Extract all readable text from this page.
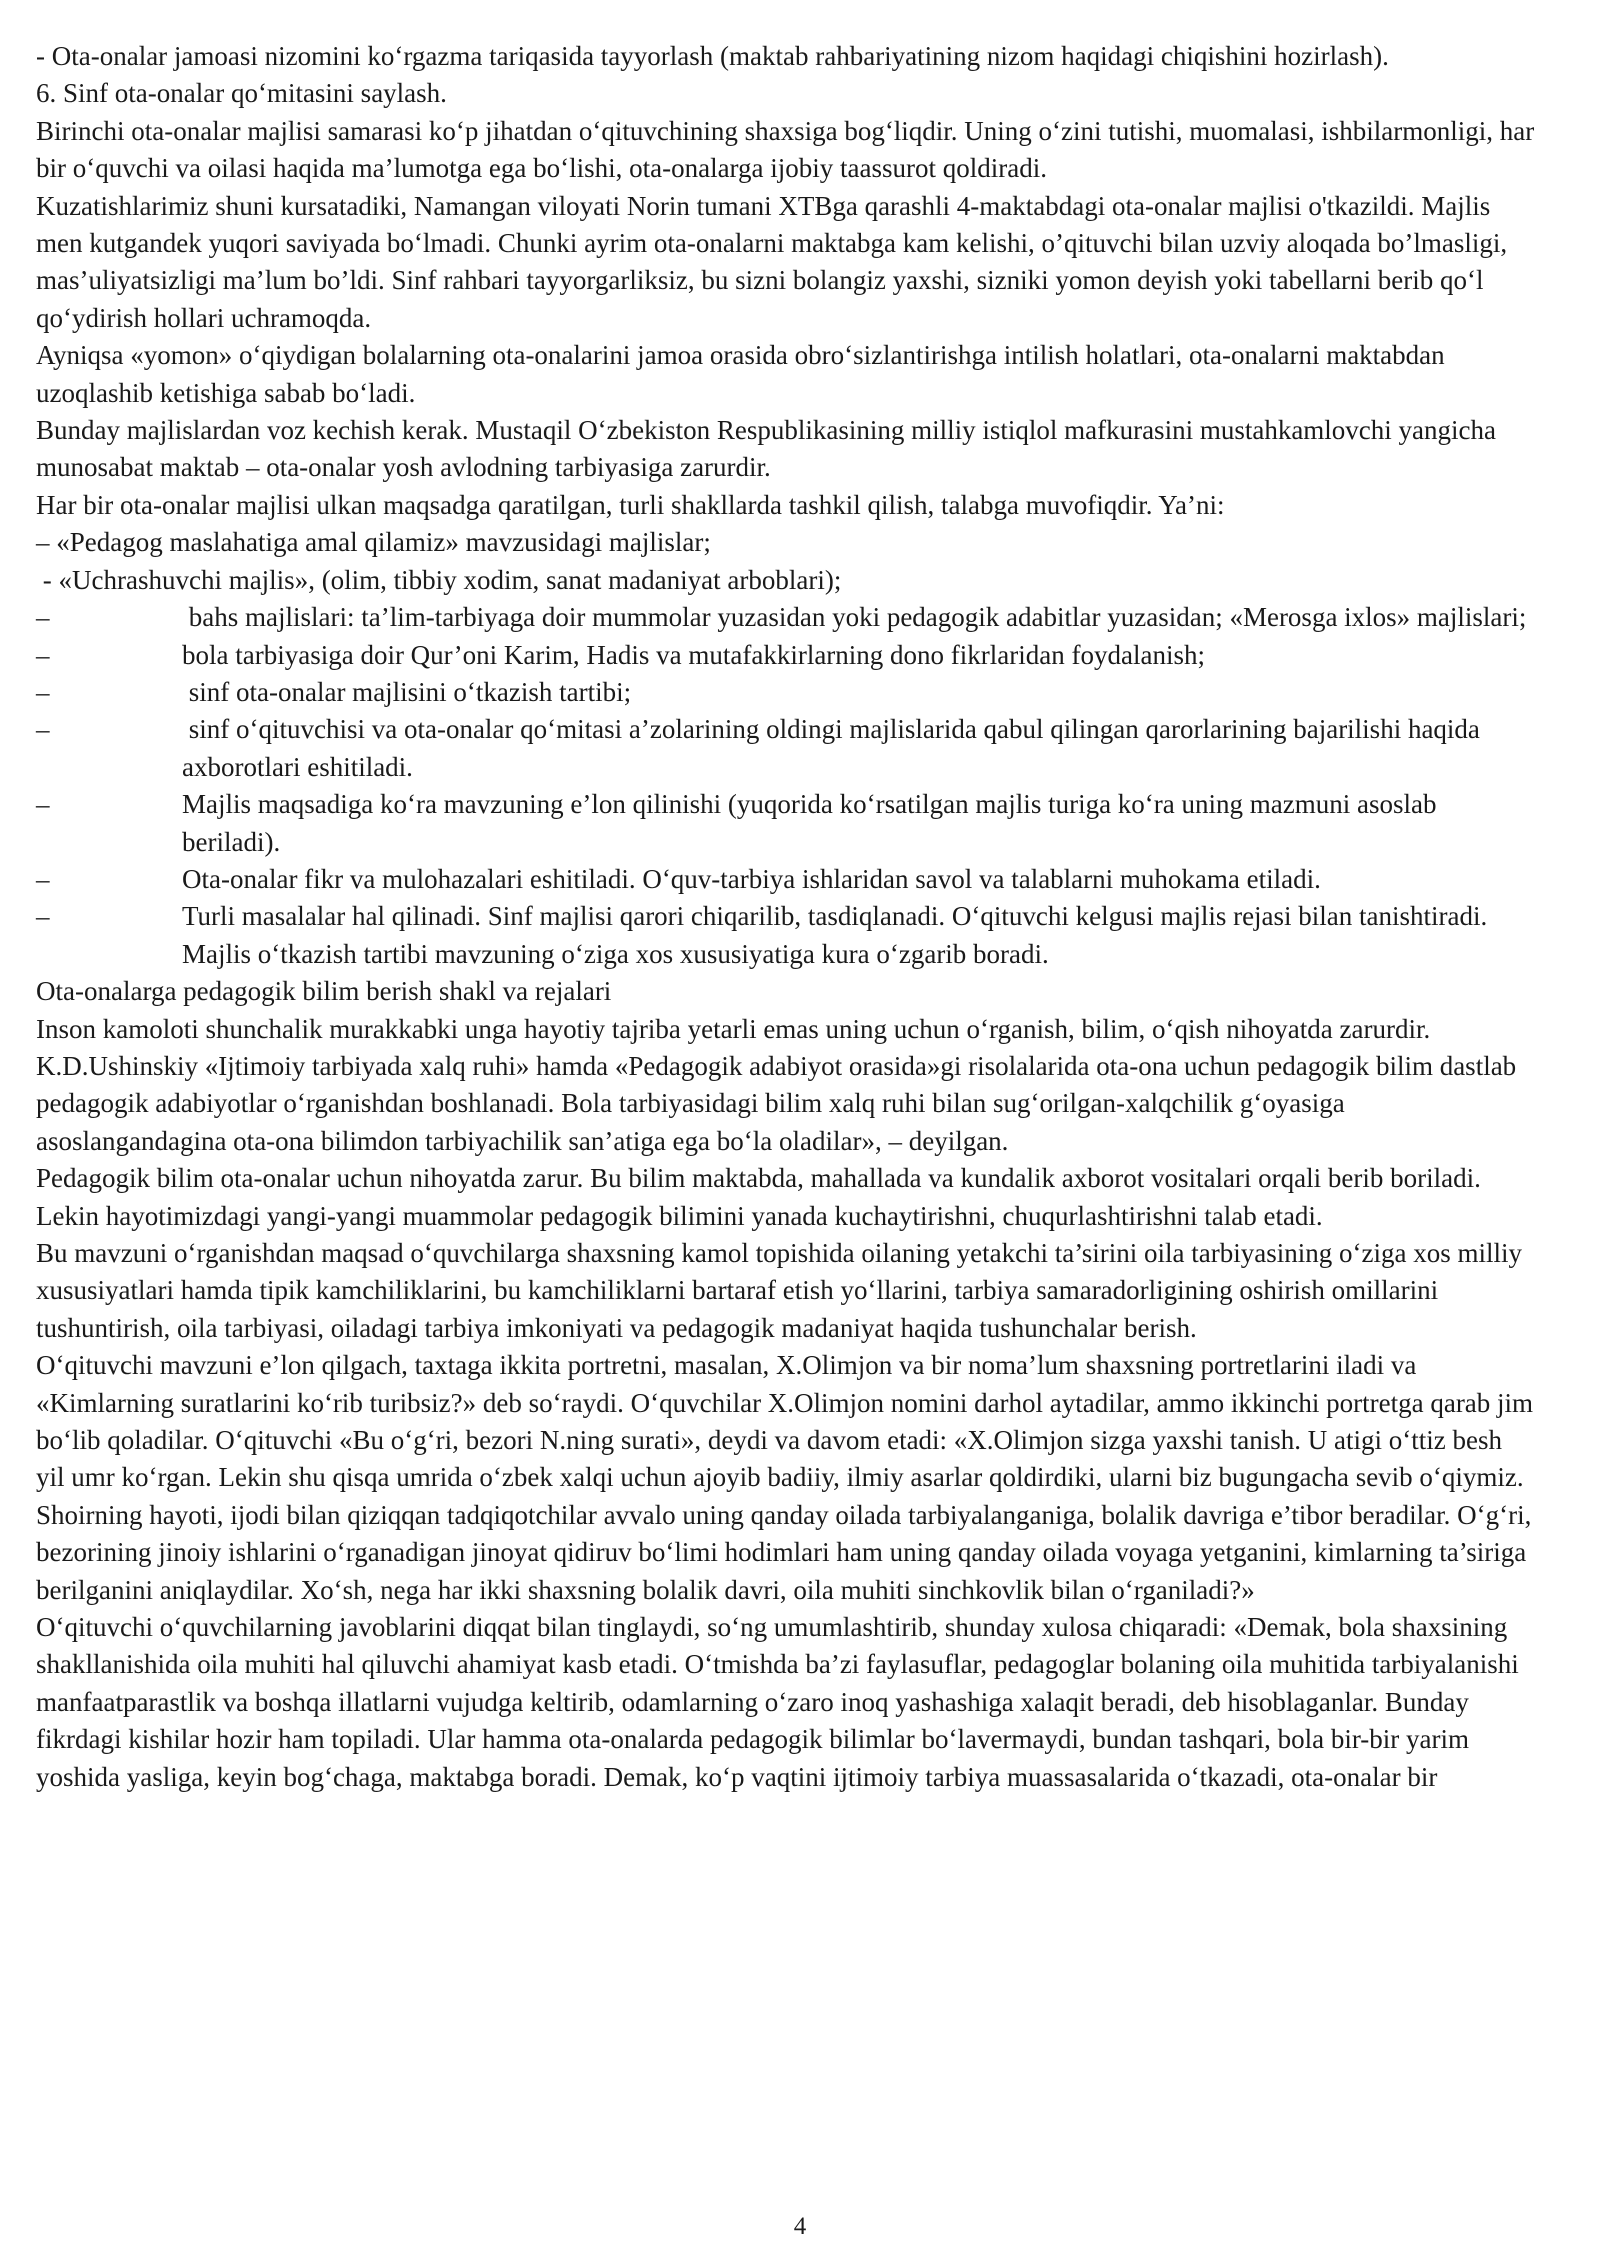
- Ota-onalar jamoasi nizomini ko‘rgazma tariqasida tayyorlash (maktab rahbariyatining nizom haqidagi chiqishini hozirlash).

6. Sinf ota-onalar qo‘mitasini saylash.

Birinchi ota-onalar majlisi samarasi ko‘p jihatdan o‘qituvchining shaxsiga bog‘liqdir. Uning o‘zini tutishi, muomalasi, ishbilarmonligi, har bir o‘quvchi va oilasi haqida ma’lumotga ega bo‘lishi, ota-onalarga ijobiy taassurot qoldiradi.

Kuzatishlarimiz shuni kursatadiki, Namangan viloyati Norin tumani XTBga qarashli 4-maktabdagi ota-onalar majlisi o'tkazildi. Majlis men kutgandek yuqori saviyada bo‘lmadi. Chunki ayrim ota-onalarni maktabga kam kelishi, o’qituvchi bilan uzviy aloqada bo’lmasligi, mas’uliyatsizligi ma’lum bo’ldi. Sinf rahbari tayyorgarliksiz, bu sizni bolangiz yaxshi, sizniki yomon deyish yoki tabellarni berib qo‘l qo‘ydirish hollari uchramoqda.

Ayniqsa «yomon» o‘qiydigan bolalarning ota-onalarini jamoa orasida obro‘sizlantirishga intilish holatlari, ota-onalarni maktabdan uzoqlashib ketishiga sabab bo‘ladi.

Bunday majlislardan voz kechish kerak. Mustaqil O‘zbekiston Respublikasining milliy istiqlol mafkurasini mustahkamlovchi yangicha munosabat maktab – ota-onalar yosh avlodning tarbiyasiga zarurdir.

Har bir ota-onalar majlisi ulkan maqsadga qaratilgan, turli shakllarda tashkil qilish, talabga muvofiqdir. Ya’ni:

– «Pedagog maslahatiga amal qilamiz» mavzusidagi majlislar;

- «Uchrashuvchi majlis», (olim, tibbiy xodim, sanat madaniyat arboblari);

–	bahs majlislari: ta’lim-tarbiyaga doir mummolar yuzasidan yoki pedagogik adabitlar yuzasidan; «Merosga ixlos» majlislari;
–	bola tarbiyasiga doir Qur’oni Karim, Hadis va mutafakkirlarning dono fikrlaridan foydalanish;
–	sinf ota-onalar majlisini o‘tkazish tartibi;
–	sinf o‘qituvchisi va ota-onalar qo‘mitasi a’zolarining oldingi majlislarida qabul qilingan qarorlarining bajarilishi haqida axborotlari eshitiladi.
–	Majlis maqsadiga ko‘ra mavzuning e’lon qilinishi (yuqorida ko‘rsatilgan majlis turiga ko‘ra uning mazmuni asoslab beriladi).
–	Ota-onalar fikr va mulohazalari eshitiladi. O‘quv-tarbiya ishlaridan savol va talablarni muhokama etiladi.
–	Turli masalalar hal qilinadi. Sinf majlisi qarori chiqarilib, tasdiqlanadi. O‘qituvchi kelgusi majlis rejasi bilan tanishtiradi. Majlis o‘tkazish tartibi mavzuning o‘ziga xos xususiyatiga kura o‘zgarib boradi.

Ota-onalarga pedagogik bilim berish shakl va rejalari

Inson kamoloti shunchalik murakkabki unga hayotiy tajriba yetarli emas uning uchun o‘rganish, bilim, o‘qish nihoyatda zarurdir. K.D.Ushinskiy «Ijtimoiy tarbiyada xalq ruhi» hamda «Pedagogik adabiyot orasida»gi risolalarida ota-ona uchun pedagogik bilim dastlab pedagogik adabiyotlar o‘rganishdan boshlanadi. Bola tarbiyasidagi bilim xalq ruhi bilan sug‘orilgan-xalqchilik g‘oyasiga asoslangandagina ota-ona bilimdon tarbiyachilik san’atiga ega bo‘la oladilar», – deyilgan.

Pedagogik bilim ota-onalar uchun nihoyatda zarur. Bu bilim maktabda, mahallada va kundalik axborot vositalari orqali berib boriladi. Lekin hayotimizdagi yangi-yangi muammolar pedagogik bilimini yanada kuchaytirishni, chuqurlashtirishni talab etadi.

Bu mavzuni o‘rganishdan maqsad o‘quvchilarga shaxsning kamol topishida oilaning yetakchi ta’sirini oila tarbiyasining o‘ziga xos milliy xususiyatlari hamda tipik kamchiliklarini, bu kamchiliklarni bartaraf etish yo‘llarini, tarbiya samaradorligining oshirish omillarini tushuntirish, oila tarbiyasi, oiladagi tarbiya imkoniyati va pedagogik madaniyat haqida tushunchalar berish.

O‘qituvchi mavzuni e’lon qilgach, taxtaga ikkita portretni, masalan, X.Olimjon va bir noma’lum shaxsning portretlarini iladi va «Kimlarning suratlarini ko‘rib turibsiz?» deb so‘raydi. O‘quvchilar X.Olimjon nomini darhol aytadilar, ammo ikkinchi portretga qarab jim bo‘lib qoladilar. O‘qituvchi «Bu o‘g‘ri, bezori N.ning surati», deydi va davom etadi: «X.Olimjon sizga yaxshi tanish. U atigi o‘ttiz besh yil umr ko‘rgan. Lekin shu qisqa umrida o‘zbek xalqi uchun ajoyib badiiy, ilmiy asarlar qoldirdiki, ularni biz bugungacha sevib o‘qiymiz. Shoirning hayoti, ijodi bilan qiziqqan tadqiqotchilar avvalo uning qanday oilada tarbiyalanganiga, bolalik davriga e’tibor beradilar. O‘g‘ri, bezorining jinoiy ishlarini o‘rganadigan jinoyat qidiruv bo‘limi hodimlari ham uning qanday oilada voyaga yetganini, kimlarning ta’siriga berilganini aniqlaydilar. Xo‘sh, nega har ikki shaxsning bolalik davri, oila muhiti sinchkovlik bilan o‘rganiladi?»

O‘qituvchi o‘quvchilarning javoblarini diqqat bilan tinglaydi, so‘ng umumlashtirib, shunday xulosa chiqaradi: «Demak, bola shaxsining shakllanishida oila muhiti hal qiluvchi ahamiyat kasb etadi. O‘tmishda ba’zi faylasuflar, pedagoglar bolaning oila muhitida tarbiyalanishi manfaatparastlik va boshqa illatlarni vujudga keltirib, odamlarning o‘zaro inoq yashashiga xalaqit beradi, deb hisoblaganlar. Bunday fikrdagi kishilar hozir ham topiladi. Ular hamma ota-onalarda pedagogik bilimlar bo‘lavermaydi, bundan tashqari, bola bir-bir yarim yoshida yasliga, keyin bog‘chaga, maktabga boradi. Demak, ko‘p vaqtini ijtimoiy tarbiya muassasalarida o‘tkazadi, ota-onalar bir

4
